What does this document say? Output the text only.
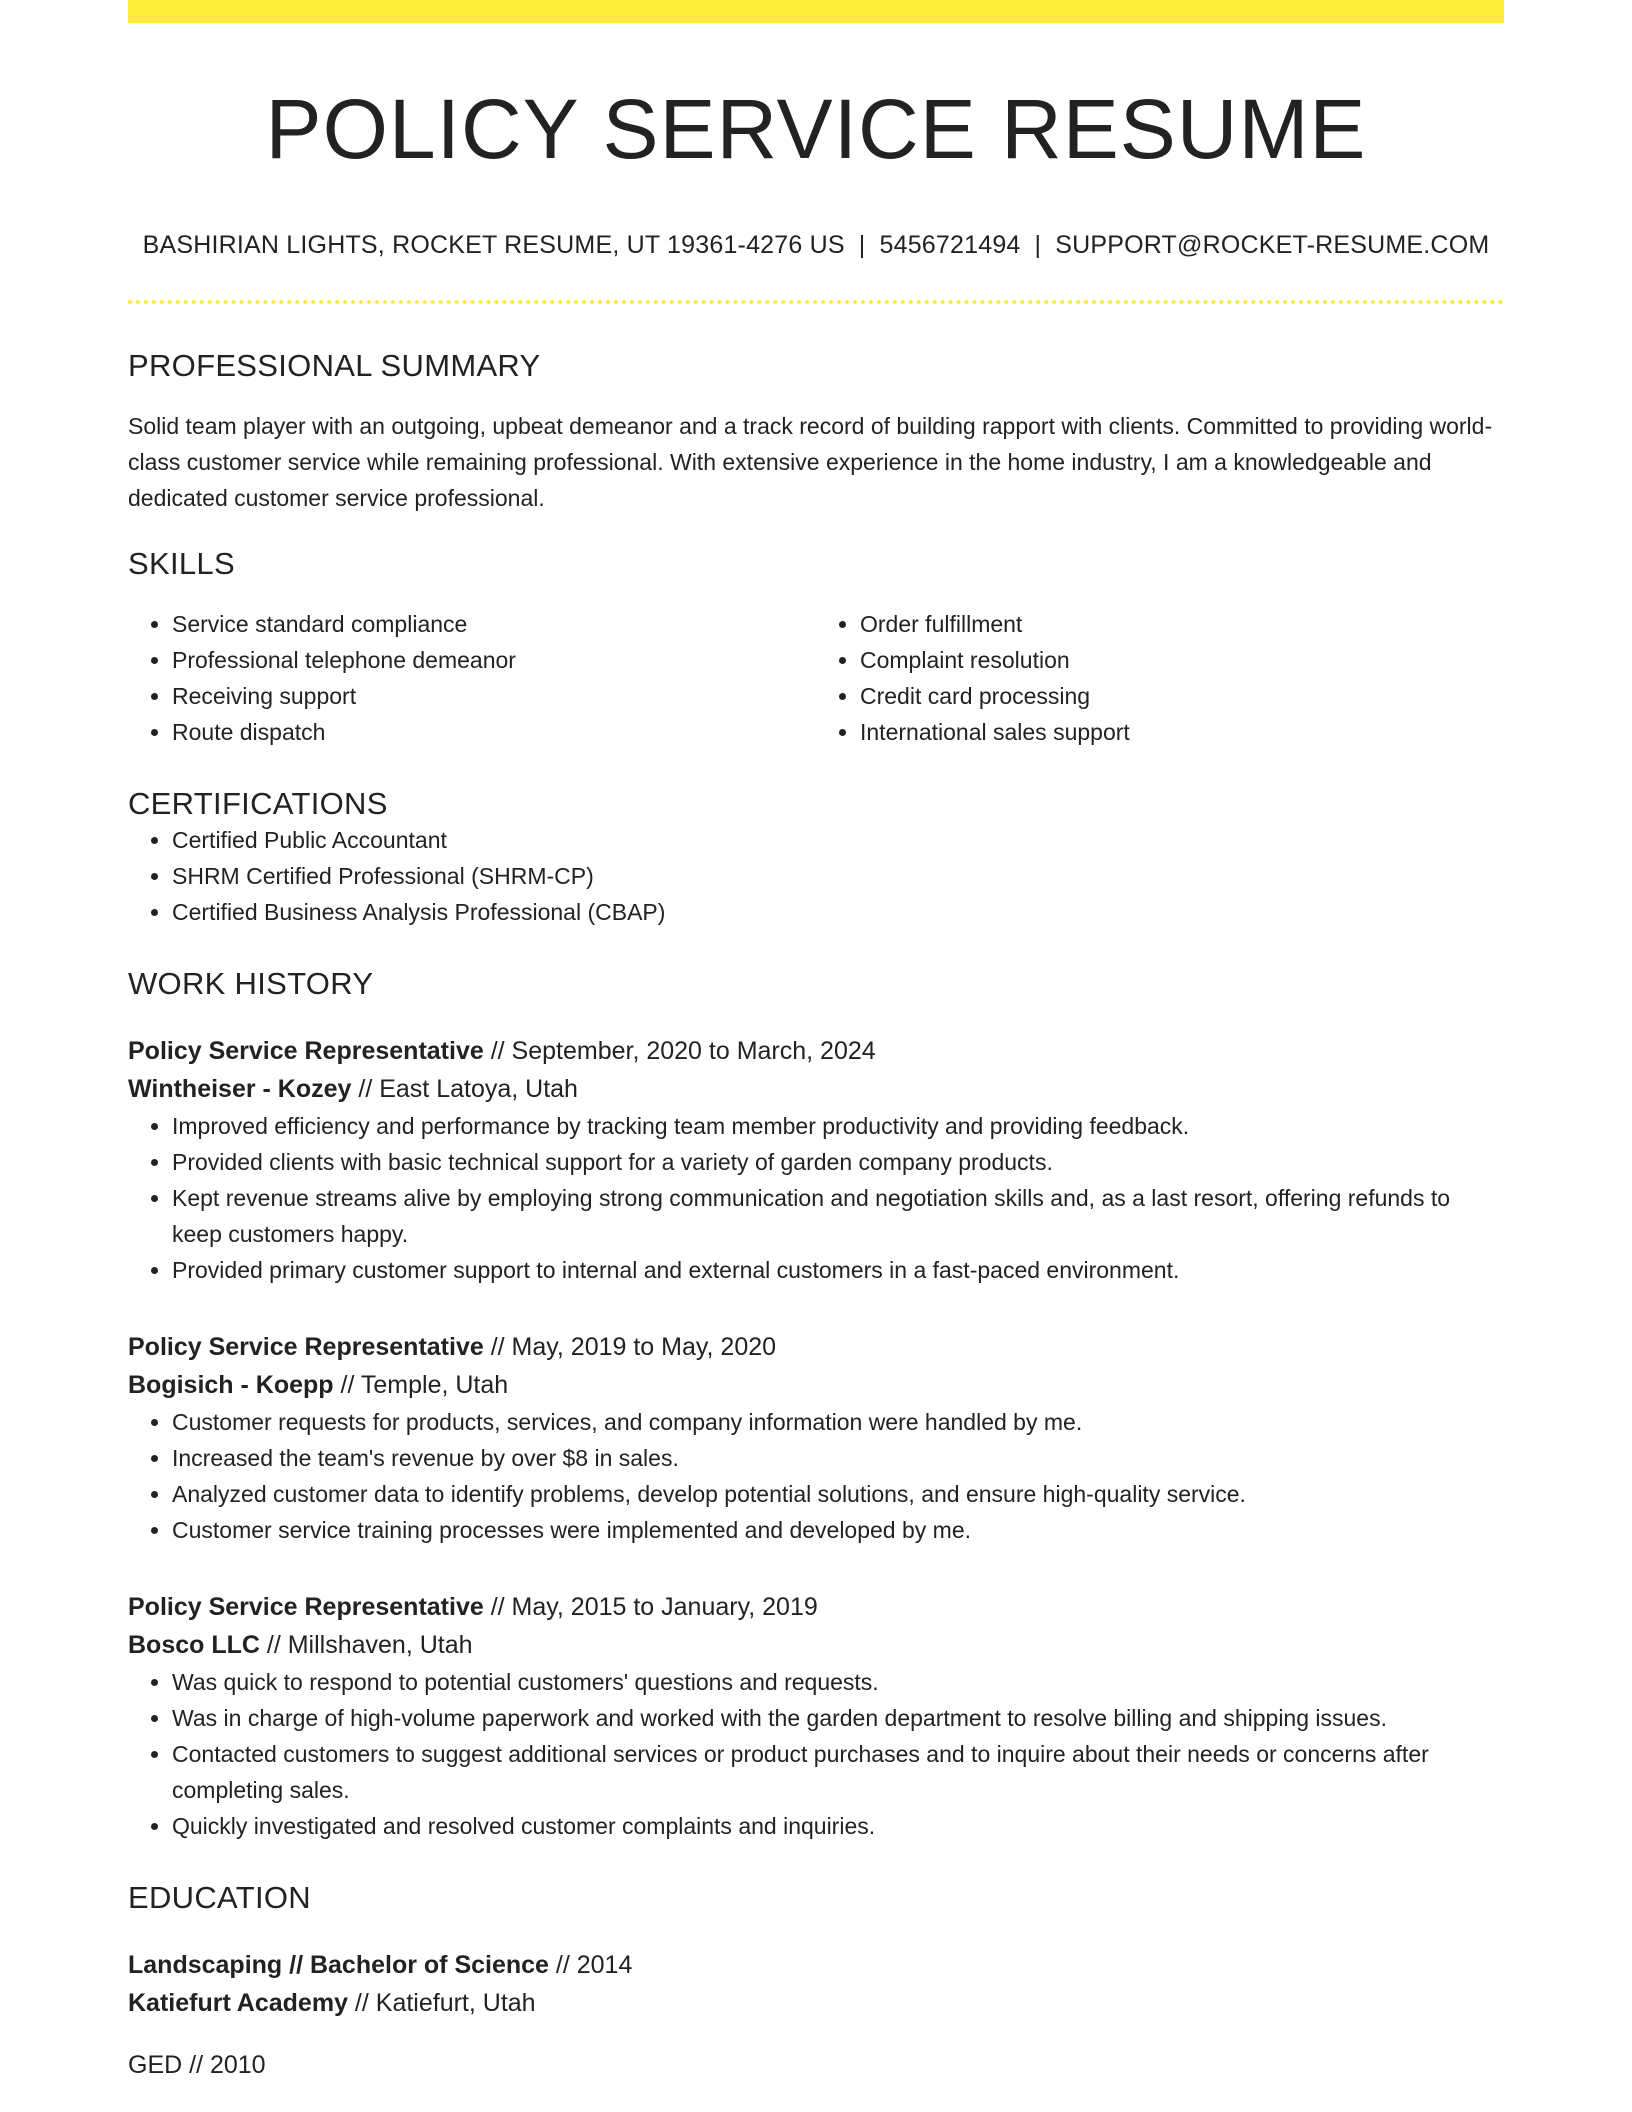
POLICY SERVICE RESUME
BASHIRIAN LIGHTS, ROCKET RESUME, UT 19361-4276 US | 5456721494 | SUPPORT@ROCKET-RESUME.COM
PROFESSIONAL SUMMARY

Solid team player with an outgoing, upbeat demeanor and a track record of building rapport with clients. Committed to providing world-class customer service while remaining professional. With extensive experience in the home industry, I am a knowledgeable and dedicated customer service professional.

SKILLS
• Service standard compliance
• Professional telephone demeanor
• Receiving support
• Route dispatch
• Order fulfillment
• Complaint resolution
• Credit card processing
• International sales support
CERTIFICATIONS
• Certified Public Accountant
• SHRM Certified Professional (SHRM-CP)
• Certified Business Analysis Professional (CBAP)
WORK HISTORY
Policy Service Representative // September, 2020 to March, 2024
Wintheiser - Kozey // East Latoya, Utah
• Improved efficiency and performance by tracking team member productivity and providing feedback.
• Provided clients with basic technical support for a variety of garden company products.
• Kept revenue streams alive by employing strong communication and negotiation skills and, as a last resort, offering refunds to keep customers happy.
• Provided primary customer support to internal and external customers in a fast-paced environment.
Policy Service Representative // May, 2019 to May, 2020
Bogisich - Koepp // Temple, Utah
• Customer requests for products, services, and company information were handled by me.
• Increased the team's revenue by over $8 in sales.
• Analyzed customer data to identify problems, develop potential solutions, and ensure high-quality service.
• Customer service training processes were implemented and developed by me.
Policy Service Representative // May, 2015 to January, 2019
Bosco LLC // Millshaven, Utah
• Was quick to respond to potential customers' questions and requests.
• Was in charge of high-volume paperwork and worked with the garden department to resolve billing and shipping issues.
• Contacted customers to suggest additional services or product purchases and to inquire about their needs or concerns after completing sales.
• Quickly investigated and resolved customer complaints and inquiries.
EDUCATION
Landscaping // Bachelor of Science // 2014
Katiefurt Academy // Katiefurt, Utah
GED // 2010
